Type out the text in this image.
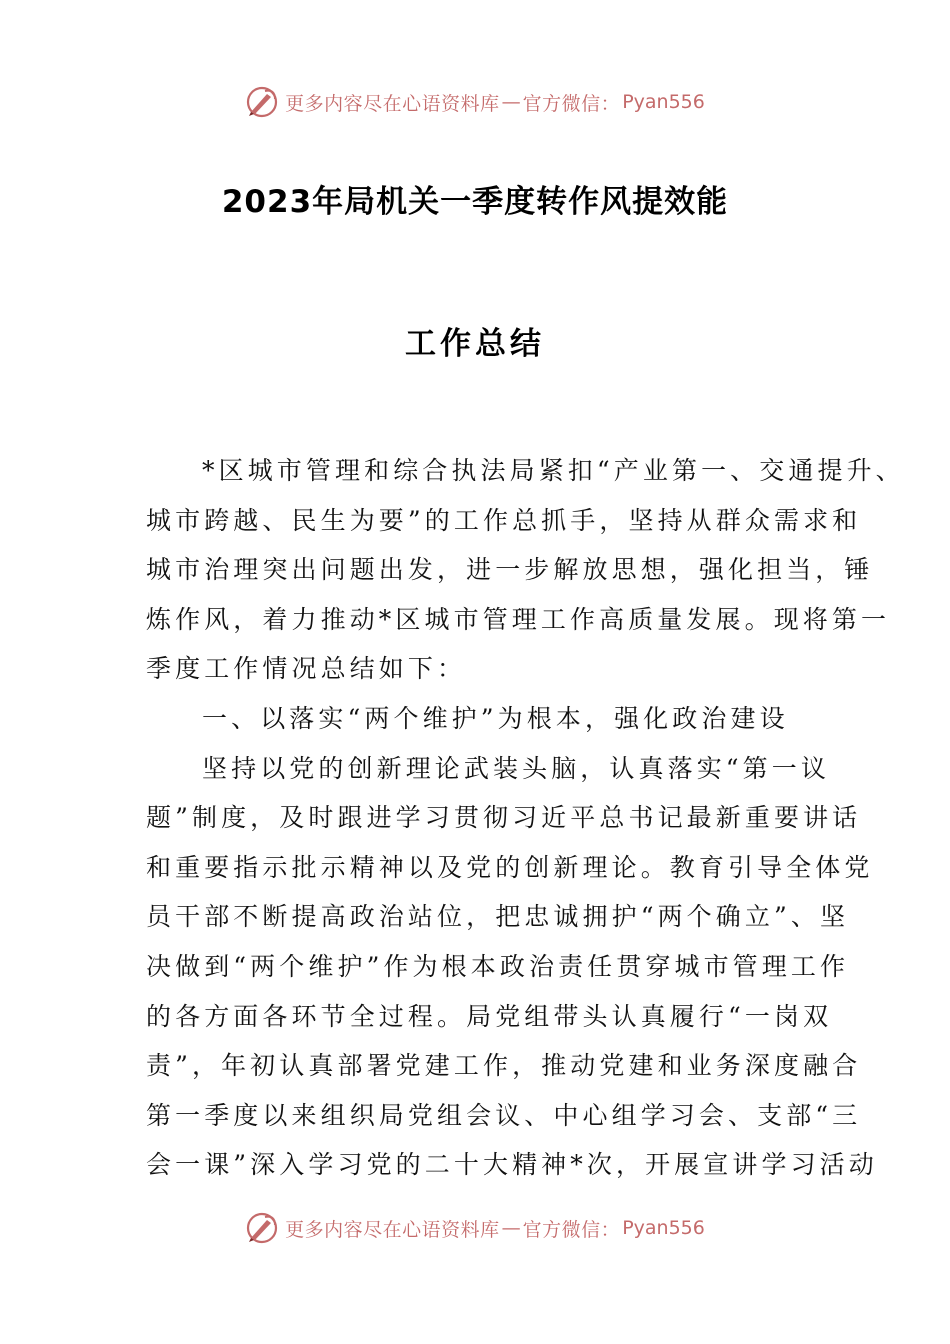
更多内容尽在心语资料库 — 官方微信： Pyan556
2023年局机关一季度转作风提效能
工作总结

*区城市管理和综合执法局紧扣“产业第一、交通提升、
城市跨越、民生为要”的工作总抓手，坚持从群众需求和
城市治理突出问题出发，进一步解放思想，强化担当，锤
炼作风，着力推动*区城市管理工作高质量发展。现将第一
季度工作情况总结如下：

一、以落实“两个维护”为根本，强化政治建设

坚持以党的创新理论武装头脑，认真落实“第一议
题”制度，及时跟进学习贯彻习近平总书记最新重要讲话
和重要指示批示精神以及党的创新理论。教育引导全体党
员干部不断提高政治站位，把忠诚拥护“两个确立”、坚
决做到“两个维护”作为根本政治责任贯穿城市管理工作
的各方面各环节全过程。局党组带头认真履行“一岗双
责”，年初认真部署党建工作，推动党建和业务深度融合
第一季度以来组织局党组会议、中心组学习会、支部“三
会一课”深入学习党的二十大精神*次，开展宣讲学习活动

更多内容尽在心语资料库 — 官方微信： Pyan556
